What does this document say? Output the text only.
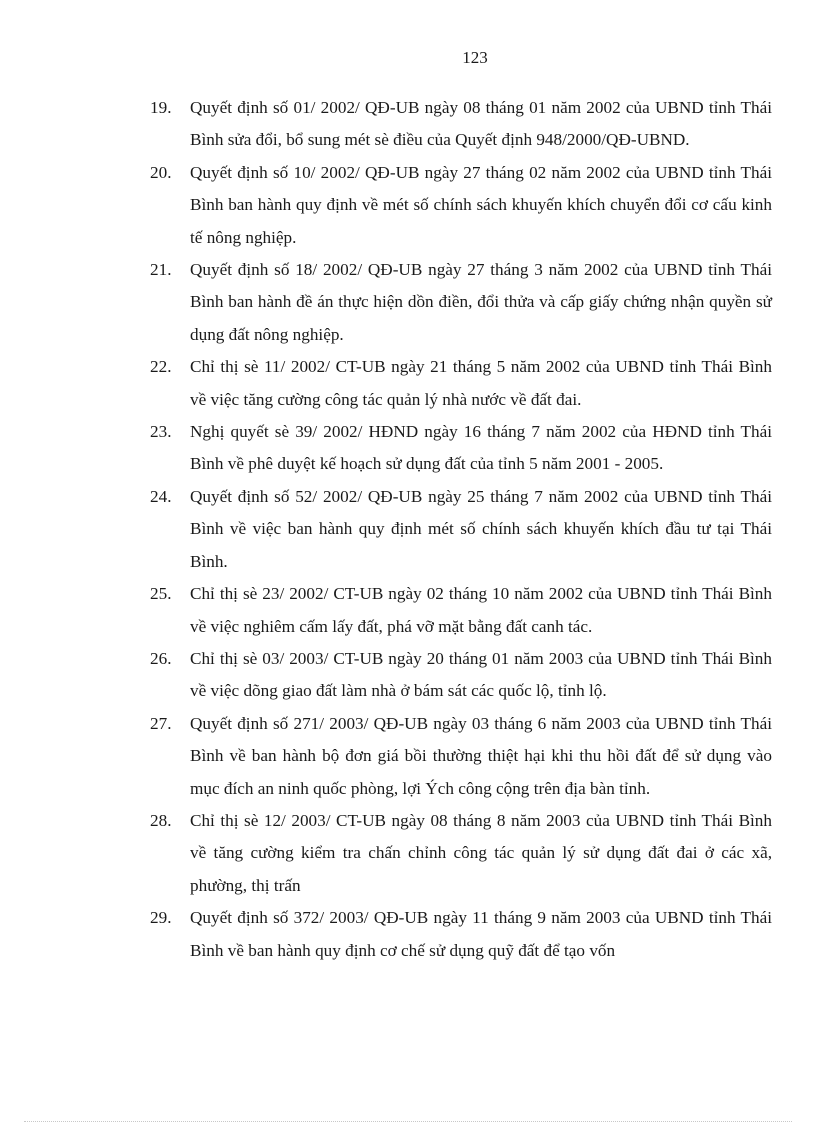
123
19. Quyết định số 01/ 2002/ QĐ-UB ngày 08 tháng 01 năm 2002 của UBND tỉnh Thái Bình sửa đổi, bổ sung mét sè điều của Quyết định 948/2000/QĐ-UBND.
20. Quyết định số 10/ 2002/ QĐ-UB ngày 27 tháng 02 năm 2002 của UBND tỉnh Thái Bình ban hành quy định về mét số chính sách khuyến khích chuyển đổi cơ cấu kinh tế nông nghiệp.
21. Quyết định số 18/ 2002/ QĐ-UB ngày 27 tháng 3 năm 2002 của UBND tỉnh Thái Bình ban hành đề án thực hiện dồn điền, đổi thửa và cấp giấy chứng nhận quyền sử dụng đất nông nghiệp.
22. Chỉ thị sè 11/ 2002/ CT-UB ngày 21 tháng 5 năm 2002 của UBND tỉnh Thái Bình về việc tăng cường công tác quản lý nhà nước về đất đai.
23. Nghị quyết sè 39/ 2002/ HĐND ngày 16 tháng 7 năm 2002 của HĐND tỉnh Thái Bình về phê duyệt kế hoạch sử dụng đất của tỉnh 5 năm 2001 - 2005.
24. Quyết định số 52/ 2002/ QĐ-UB ngày 25 tháng 7 năm 2002 của UBND tỉnh Thái Bình về việc ban hành quy định mét số chính sách khuyến khích đầu tư tại Thái Bình.
25. Chỉ thị sè 23/ 2002/ CT-UB ngày 02 tháng 10 năm 2002 của UBND tỉnh Thái Bình về việc nghiêm cấm lấy đất, phá vỡ mặt bằng đất canh tác.
26. Chỉ thị sè 03/ 2003/ CT-UB ngày 20 tháng 01 năm 2003 của UBND tỉnh Thái Bình về việc dõng giao đất làm nhà ở bám sát các quốc lộ, tỉnh lộ.
27. Quyết định số 271/ 2003/ QĐ-UB ngày 03 tháng 6 năm 2003 của UBND tỉnh Thái Bình về ban hành bộ đơn giá bồi thường thiệt hại khi thu hồi đất để sử dụng vào mục đích an ninh quốc phòng, lợi Ých công cộng trên địa bàn tỉnh.
28. Chỉ thị sè 12/ 2003/ CT-UB ngày 08 tháng 8 năm 2003 của UBND tỉnh Thái Bình về tăng cường kiểm tra chấn chỉnh công tác quản lý sử dụng đất đai ở các xã, phường, thị trấn
29. Quyết định số 372/ 2003/ QĐ-UB ngày 11 tháng 9 năm 2003 của UBND tỉnh Thái Bình về ban hành quy định cơ chế sử dụng quỹ đất để tạo vốn
